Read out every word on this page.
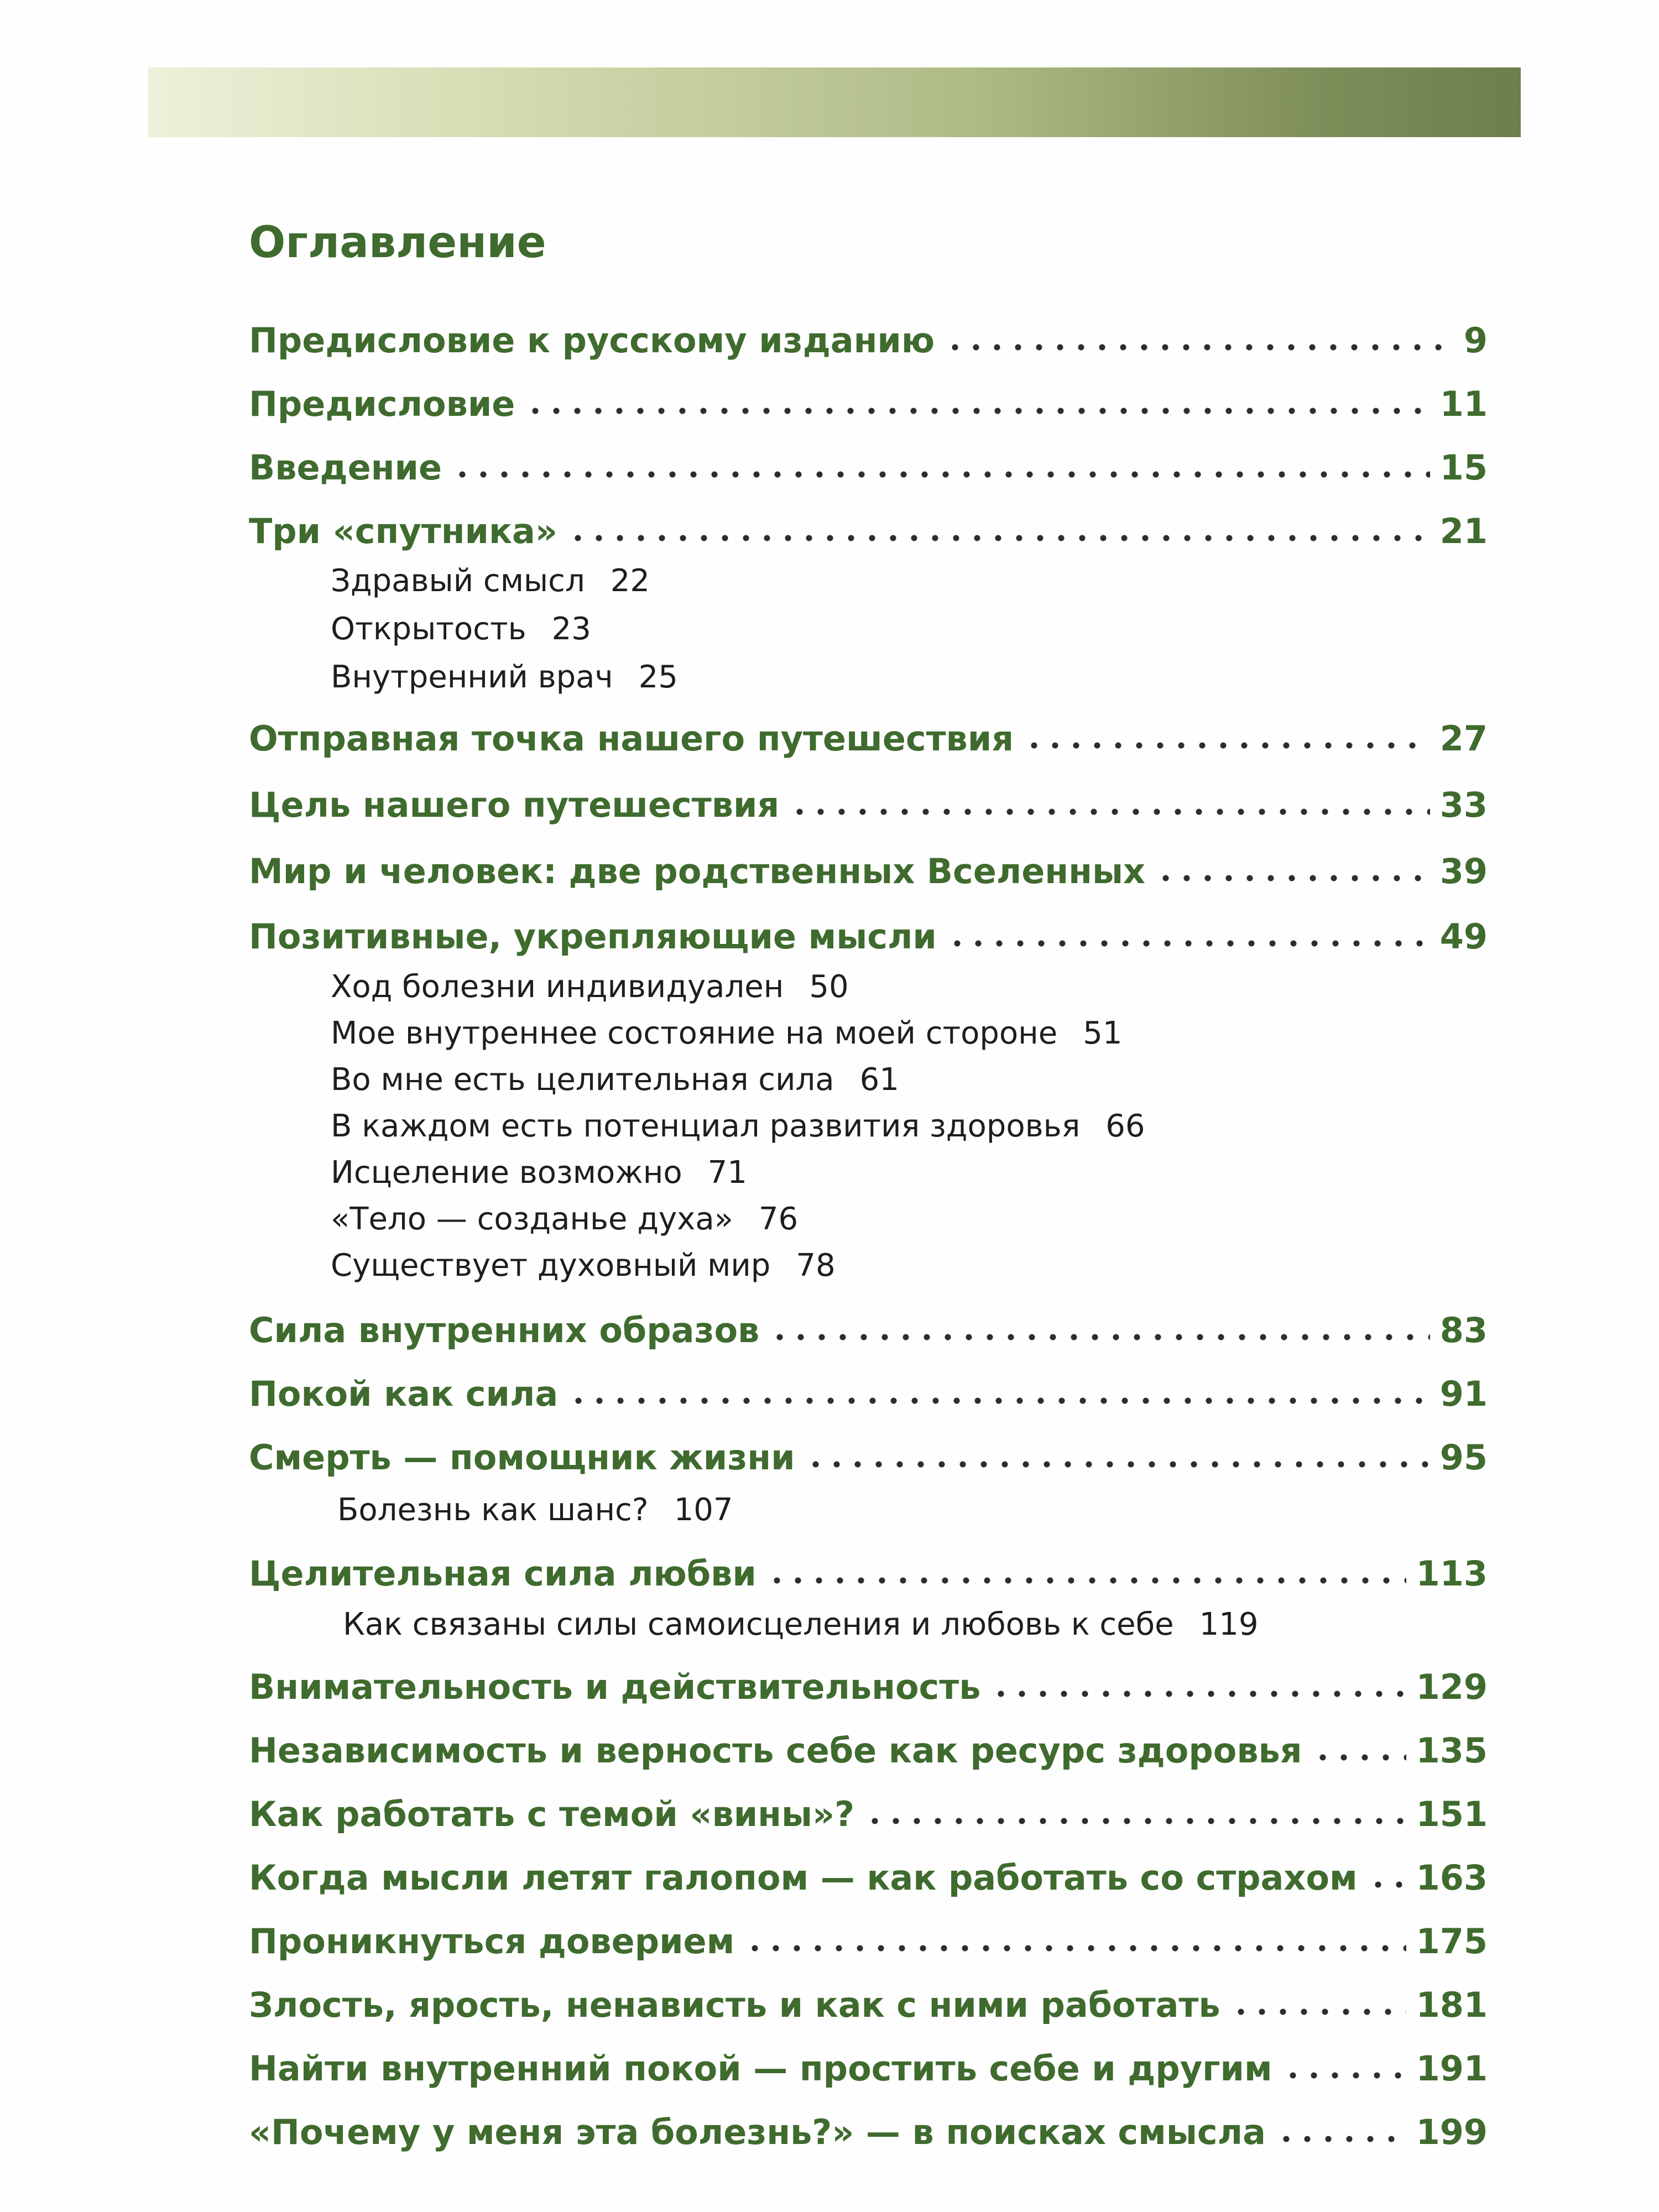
Оглавление
Предисловие к русскому изданию	9
Предисловие	11
Введение	15
Три «спутника»	21
Здравый смысл 22
Открытость 23
Внутренний врач 25
Отправная точка нашего путешествия	27
Цель нашего путешествия	33
Мир и человек: две родственных Вселенных	39
Позитивные, укрепляющие мысли	49
Ход болезни индивидуален 50
Мое внутреннее состояние на моей стороне 51
Во мне есть целительная сила 61
В каждом есть потенциал развития здоровья 66
Исцеление возможно 71
«Тело — созданье духа» 76
Существует духовный мир 78
Сила внутренних образов	83
Покой как сила	91
Смерть — помощник жизни	95
Болезнь как шанс? 107
Целительная сила любви	113
Как связаны силы самоисцеления и любовь к себе 119
Внимательность и действительность	129
Независимость и верность себе как ресурс здоровья	135
Как работать с темой «вины»?	151
Когда мысли летят галопом — как работать со страхом 163
Проникнуться доверием	175
Злость, ярость, ненависть и как с ними работать	181
Найти внутренний покой — простить себе и другим	191
«Почему у меня эта болезнь?» — в поисках смысла	199
